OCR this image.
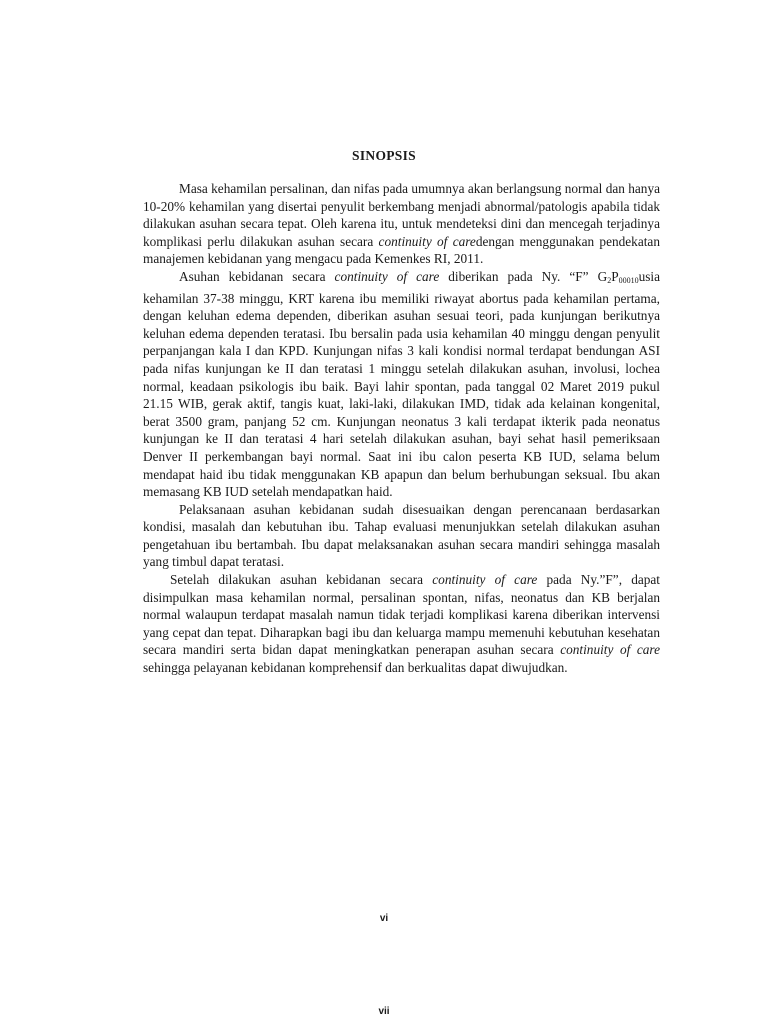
SINOPSIS

Masa kehamilan persalinan, dan nifas pada umumnya akan berlangsung normal dan hanya 10-20% kehamilan yang disertai penyulit berkembang menjadi abnormal/patologis apabila tidak dilakukan asuhan secara tepat. Oleh karena itu, untuk mendeteksi dini dan mencegah terjadinya komplikasi perlu dilakukan asuhan secara continuity of caredengan menggunakan pendekatan manajemen kebidanan yang mengacu pada Kemenkes RI, 2011.

Asuhan kebidanan secara continuity of care diberikan pada Ny. “F” $G_2P_{00010}usia$ kehamilan 37-38 minggu, KRT karena ibu memiliki riwayat abortus pada kehamilan pertama, dengan keluhan edema dependen, diberikan asuhan sesuai teori, pada kunjungan berikutnya keluhan edema dependen teratasi. Ibu bersalin pada usia kehamilan 40 minggu dengan penyulit perpanjangan kala I dan KPD. Kunjungan nifas 3 kali kondisi normal terdapat bendungan ASI pada nifas kunjungan ke II dan teratasi 1 minggu setelah dilakukan asuhan, involusi, lochea normal, keadaan psikologis ibu baik. Bayi lahir spontan, pada tanggal 02 Maret 2019 pukul 21.15 WIB, gerak aktif, tangis kuat, laki-laki, dilakukan IMD, tidak ada kelainan kongenital, berat 3500 gram, panjang 52 cm. Kunjungan neonatus 3 kali terdapat ikterik pada neonatus kunjungan ke II dan teratasi 4 hari setelah dilakukan asuhan, bayi sehat hasil pemeriksaan Denver II perkembangan bayi normal. Saat ini ibu calon peserta KB IUD, selama belum mendapat haid ibu tidak menggunakan KB apapun dan belum berhubungan seksual. Ibu akan memasang KB IUD setelah mendapatkan haid.

Pelaksanaan asuhan kebidanan sudah disesuaikan dengan perencanaan berdasarkan kondisi, masalah dan kebutuhan ibu. Tahap evaluasi menunjukkan setelah dilakukan asuhan pengetahuan ibu bertambah. Ibu dapat melaksanakan asuhan secara mandiri sehingga masalah yang timbul dapat teratasi.

Setelah dilakukan asuhan kebidanan secara continuity of care pada Ny.”F”, dapat disimpulkan masa kehamilan normal, persalinan spontan, nifas, neonatus dan KB berjalan normal walaupun terdapat masalah namun tidak terjadi komplikasi karena diberikan intervensi yang cepat dan tepat. Diharapkan bagi ibu dan keluarga mampu memenuhi kebutuhan kesehatan secara mandiri serta bidan dapat meningkatkan penerapan asuhan secara continuity of care sehingga pelayanan kebidanan komprehensif dan berkualitas dapat diwujudkan.

vi
vii
